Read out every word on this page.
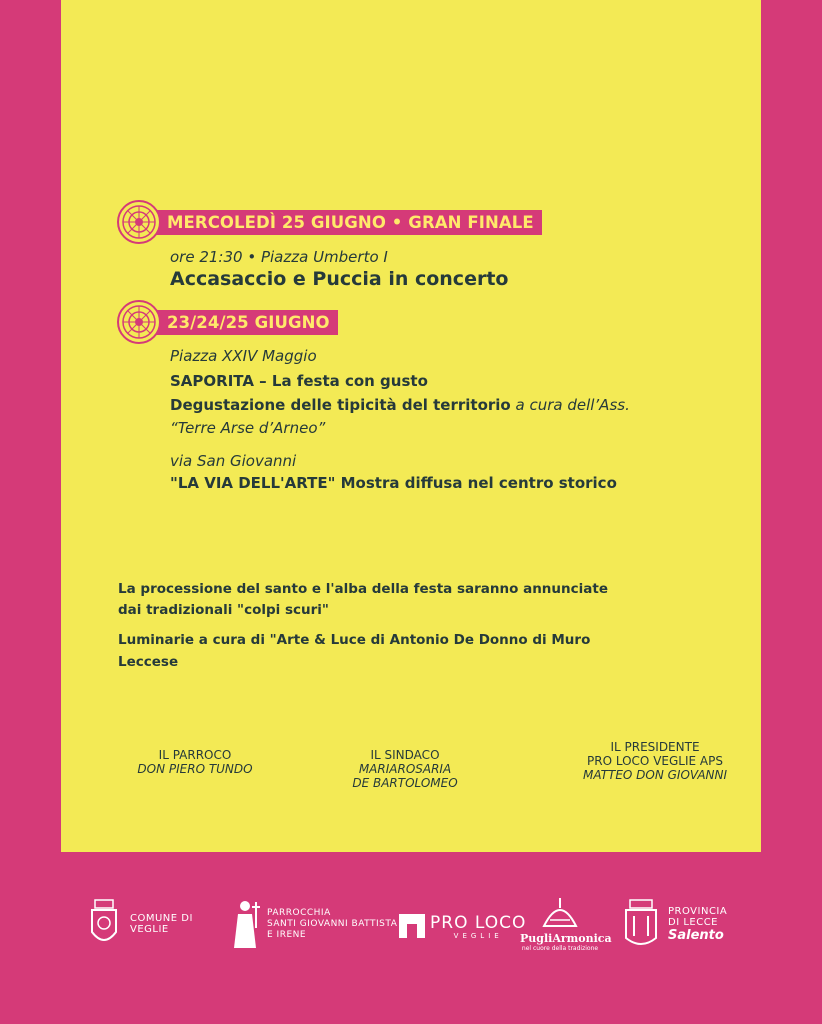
MERCOLEDÌ 25 GIUGNO • GRAN FINALE
ore 21:30 • Piazza Umberto I
Accasaccio e Puccia in concerto
23/24/25 GIUGNO
Piazza XXIV Maggio
SAPORITA – La festa con gusto
Degustazione delle tipicità del territorio a cura dell’Ass.
“Terre Arse d’Arneo”
via San Giovanni
"LA VIA DELL'ARTE" Mostra diffusa nel centro storico
La processione del santo e l'alba della festa saranno annunciate
dai tradizionali "colpi scuri"
Luminarie a cura di "Arte & Luce di Antonio De Donno di Muro
Leccese
IL PARROCO
DON PIERO TUNDO
IL SINDACO
MARIAROSARIA
DE BARTOLOMEO
IL PRESIDENTE
PRO LOCO VEGLIE APS
MATTEO DON GIOVANNI
COMUNE DI
VEGLIE
PARROCCHIA
SANTI GIOVANNI BATTISTA
E IRENE
PRO LOCO
VEGLIE	PugliArmonica
nel cuore della tradizione
PROVINCIA
DI LECCE
Salento
